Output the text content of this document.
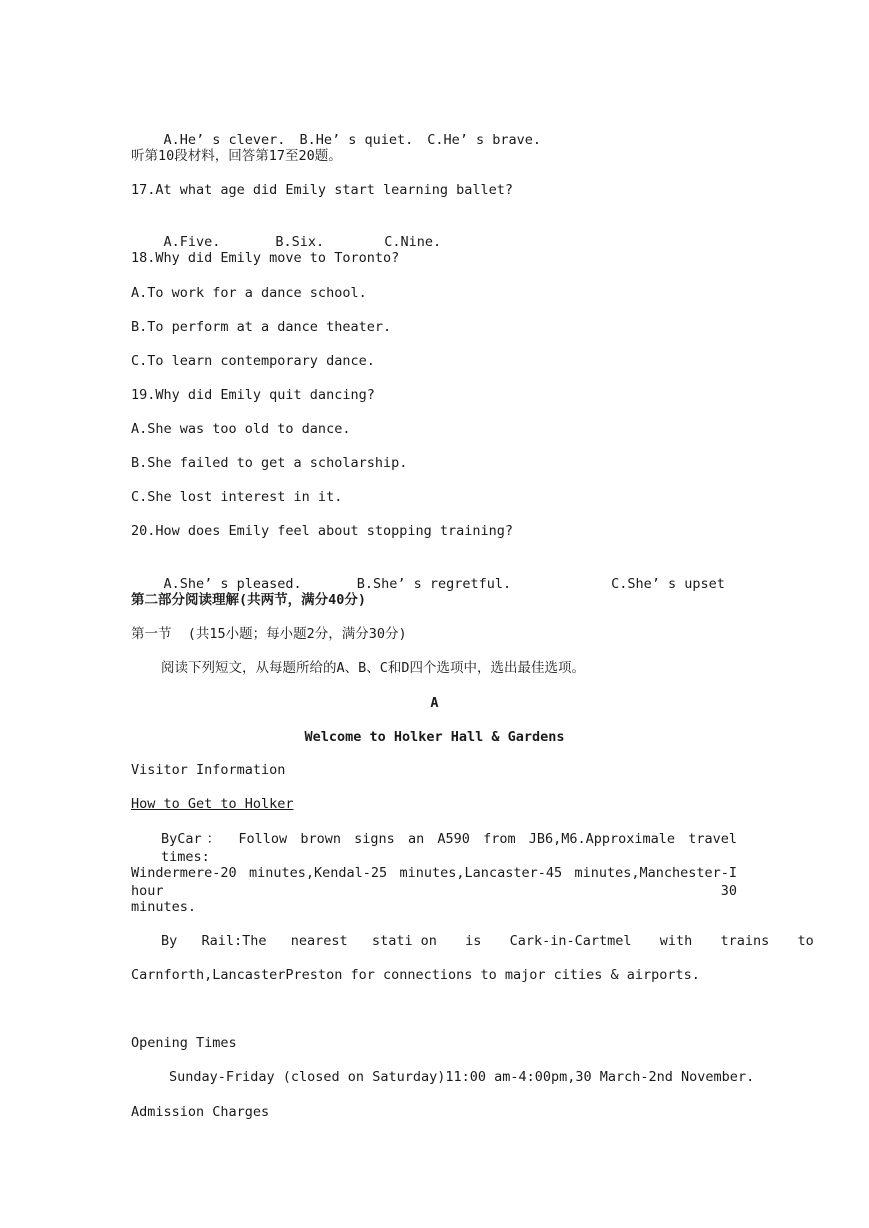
A.He’ s clever. B.He’ s quiet. C.He’ s brave.

听第10段材料，回答第17至20题。
17.At what age did Emily start learning ballet?

A.Five.	B.Six.	C.Nine.

18.Why did Emily move to Toronto?
A.To work for a dance school.
B.To perform at a dance theater.
C.To learn contemporary dance.
19.Why did Emily quit dancing?
A.She was too old to dance.
B.She failed to get a scholarship.
C.She lost interest in it.
20.How does Emily feel about stopping training?

A.She’ s pleased.	B.She’ s regretful.	C.She’ s upset

第二部分阅读理解(共两节，满分40分)
第一节  (共15小题；每小题2分，满分30分)
阅读下列短文，从每题所给的A、B、C和D四个选项中，选出最佳选项。
A
Welcome to Holker Hall & Gardens
Visitor Information
How to Get to Holker
ByCar： Follow brown signs an A590 from JB6,M6.Approximale travel times:
Windermere-20 minutes,Kendal-25 minutes,Lancaster-45 minutes,Manchester-I hour 30
minutes.
By  Rail:The  nearest  stati on  is  Cark-in-Cartmel  with  trains  to
Carnforth,LancasterPreston for connections to major cities & airports.
Opening Times
Sunday-Friday (closed on Saturday)11:00 am-4:00pm,30 March-2nd November.
Admission Charges
